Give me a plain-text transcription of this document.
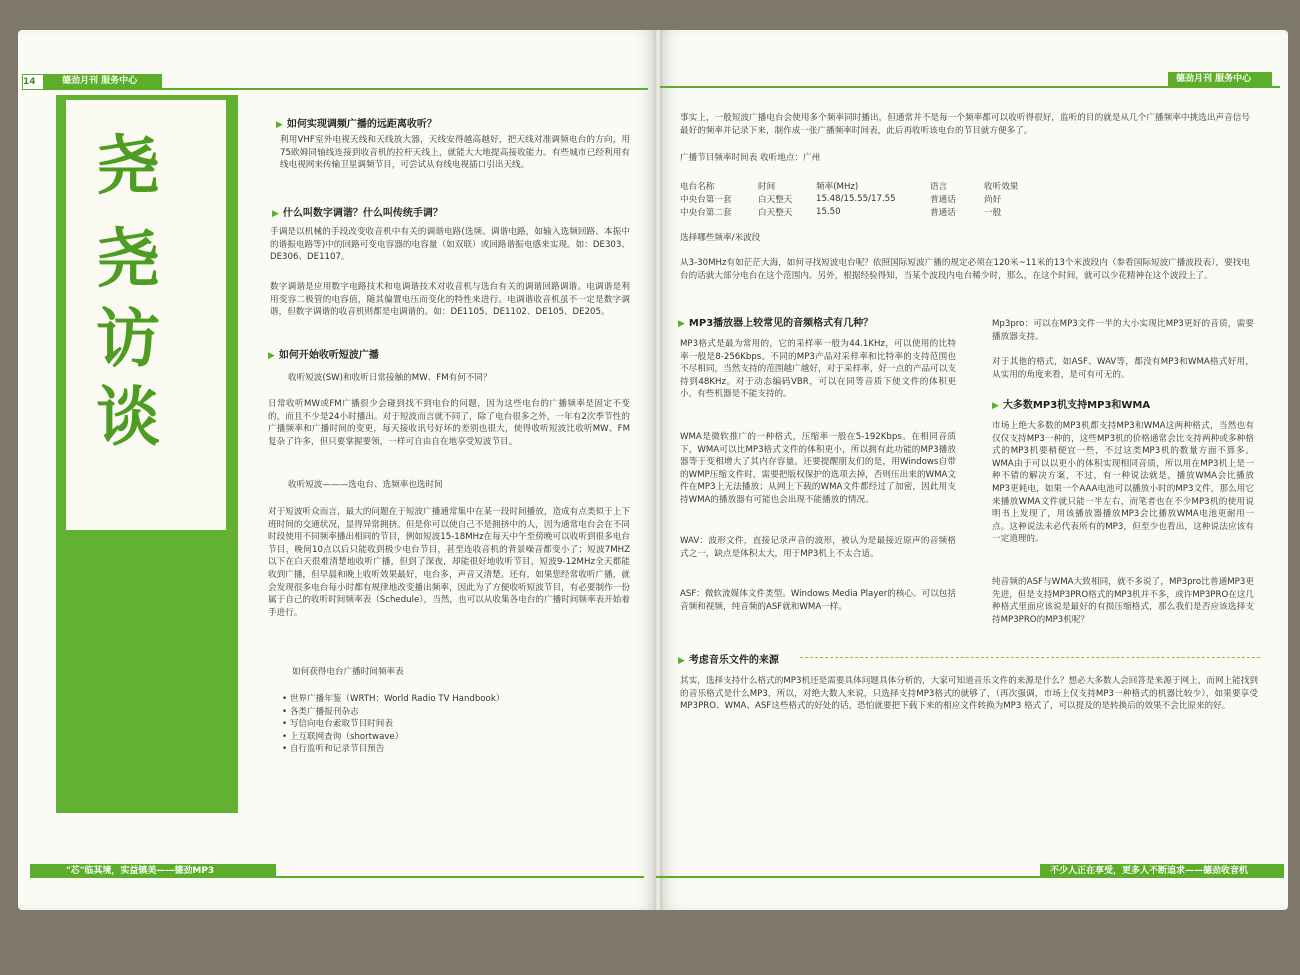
14	德劲月刊 服务中心	德劲月刊 服务中心
尧
尧
访
谈
▶ 如何实现调频广播的远距离收听？
利用VHF室外电视天线和天线放大器，天线安得越高越好，把天线对准调频电台的方向，用75欧姆同轴线连接到收音机的拉杆天线上，就能大大地提高接收能力。有些城市已经利用有线电视网来传输卫星调频节目，可尝试从有线电视插口引出天线。
▶ 什么叫数字调谐？什么叫传统手调？
手调是以机械的手段改变收音机中有关的调谐电路(选频、调谐电路，如输入选频回路、本振中的谐振电路等)中的回路可变电容器的电容量（如双联）或回路谐振电感来实现。如：DE303、DE306、DE1107。
数字调谐是应用数字电路技术和电调谐技术对收音机与选台有关的调谐回路调谐。电调谐是利用变容二极管的电容值，随其偏置电压而变化的特性来进行。电调谐收音机虽不一定是数字调谐，但数字调谐的收音机则都是电调谐的。如：DE1105、DE1102、DE105、DE205。
▶ 如何开始收听短波广播
收听短波(SW)和收听日常接触的MW、FM有何不同？
日常收听MW或FM广播很少会碰到找不到电台的问题，因为这些电台的广播频率是固定不变的，而且不少是24小时播出。对于短波而言就不同了，除了电台很多之外，一年有2次季节性的广播频率和广播时间的变更，每天接收讯号好坏的差别也很大，使得收听短波比收听MW、FM复杂了许多，但只要掌握要领，一样可自由自在地享受短波节目。
收听短波———选电台、选频率也选时间
对于短波听众而言，最大的问题在于短波广播通常集中在某一段时间播放，造成有点类似于上下班时间的交通状况，显得异常拥挤。但是你可以使自己不是拥挤中的人，因为通常电台会在不同时段使用不同频率播出相同的节目，例如短波15-18MHz在每天中午至傍晚可以收听到很多电台节目，晚间10点以后只能收到极少电台节目，甚至连收音机的背景噪音都变小了；短波7MHZ以下在白天很难清楚地收听广播，但到了深夜，却能很好地收听节目，短波9-12MHz全天都能收到广播，但早晨和晚上收听效果最好，电台多，声音又清楚。还有，如果您经常收听广播，就会发现很多电台每小时都有规律地改变播出频率，因此为了方便收听短波节目，有必要制作一份属于自己的收听时间频率表（Schedule），当然，也可以从收集各电台的广播时间频率表开始着手进行。
如何获得电台广播时间频率表
• 世界广播年鉴（WRTH：World Radio TV Handbook）
• 各类广播报刊杂志
• 写信向电台索取节目时间表
• 上互联网查询（shortwave）
• 自行监听和记录节目预告
事实上，一般短波广播电台会使用多个频率同时播出，但通常并不是每一个频率都可以收听得很好，监听的目的就是从几个广播频率中挑选出声音信号最好的频率并记录下来，制作成一张广播频率时间表，此后再收听该电台的节目就方便多了。
广播节目频率时间表 收听地点：广州
电台名称	时间	频率(MHz)	语言	收听效果
中央台第一套	白天整天	15.48/15.55/17.55	普通话	尚好
中央台第二套	白天整天	15.50	普通话	一般
选择哪些频率/米波段
从3-30MHz有如茫茫大海，如何寻找短波电台呢？依照国际短波广播的规定必须在120米~11米的13个米波段内（参看国际短波广播波段表），要找电台的话就大部分电台在这个范围内。另外，根据经验得知，当某个波段内电台稀少时，那么，在这个时间，就可以少花精神在这个波段上了。
▶ MP3播放器上较常见的音频格式有几种？
MP3格式是最为常用的，它的采样率一般为44.1KHz，可以使用的比特率一般是8-256Kbps。不同的MP3产品对采样率和比特率的支持范围也不尽相同，当然支持的范围越广越好，对于采样率，好一点的产品可以支持到48KHz。对于动态编码VBR，可以在同等音质下使文件的体积更小，有些机器是不能支持的。
WMA是微软推广的一种格式，压缩率一般在5-192Kbps。在相同音质下，WMA可以比MP3格式文件的体积更小，所以拥有此功能的MP3播放器等于变相增大了其内存容量。还要提醒朋友们的是，用Windows自带的WMP压缩文件时，需要把版权保护的选项去掉，否则压出来的WMA文件在MP3上无法播放；从网上下载的WMA文件都经过了加密，因此用支持WMA的播放器有可能也会出现不能播放的情况。
WAV：波形文件，直接记录声音的波形，被认为是最接近原声的音频格式之一，缺点是体积太大，用于MP3机上不太合适。
ASF：微软流媒体文件类型。Windows Media Player的核心。可以包括音频和视频，纯音频的ASF就和WMA一样。
Mp3pro：可以在MP3文件一半的大小实现比MP3更好的音质，需要播放器支持。
对于其他的格式，如ASF、WAV等，都没有MP3和WMA格式好用，从实用的角度来看，是可有可无的。
▶ 大多数MP3机支持MP3和WMA
市场上绝大多数的MP3机都支持MP3和WMA这两种格式，当然也有仅仅支持MP3一种的，这些MP3机的价格通常会比支持两种或多种格式的MP3机要稍便宜一些，不过这类MP3机的数量方面不算多。WMA由于可以以更小的体积实现相同音质，所以用在MP3机上是一种不错的解决方案，不过，有一种说法就是，播放WMA会比播放MP3更耗电，如果一个AAA电池可以播放小时的MP3文件，那么用它来播放WMA文件就只能一半左右，而笔者也在不少MP3机的使用说明书上发现了，用该播放器播放MP3会比播放WMA电池更耐用一点。这种说法未必代表所有的MP3，但至少也看出，这种说法应该有一定道理的。
纯音频的ASF与WMA大致相同，就不多说了，MP3pro比普通MP3更先进，但是支持MP3PRO格式的MP3机并不多，或许MP3PRO在这几种格式里面应该说是最好的有损压缩格式，那么我们是否应该选择支持MP3PRO的MP3机呢？
▶ 考虑音乐文件的来源
其实，选择支持什么格式的MP3机还是需要具体问题具体分析的，大家可知道音乐文件的来源是什么？想必大多数人会回答是来源于网上，而网上能找到的音乐格式是什么MP3，所以，对绝大数人来说，只选择支持MP3格式的就够了，（再次强调，市场上仅支持MP3一种格式的机器比较少），如果要享受MP3PRO、WMA、ASF这些格式的好处的话，恐怕就要把下载下来的相应文件转换为MP3 格式了，可以提及的是转换后的效果不会比原来的好。
"芯"临其境，实益镇美——德劲MP3	不少人正在享受，更多人不断追求——德劲收音机
